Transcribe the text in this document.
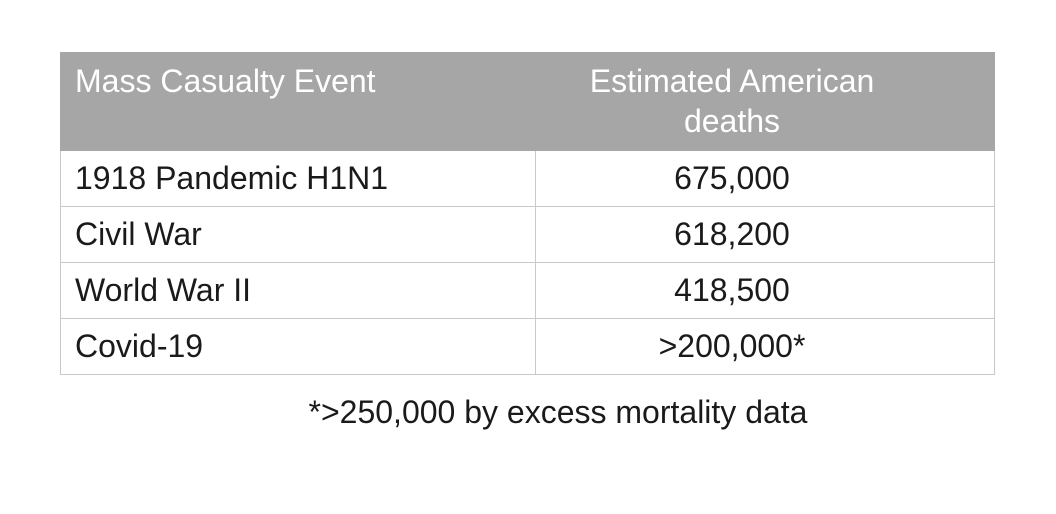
Mass Casualty Event	Estimated American deaths
1918 Pandemic H1N1	675,000
Civil War	618,200
World War II	418,500
Covid-19	>200,000*
*>250,000 by excess mortality data
